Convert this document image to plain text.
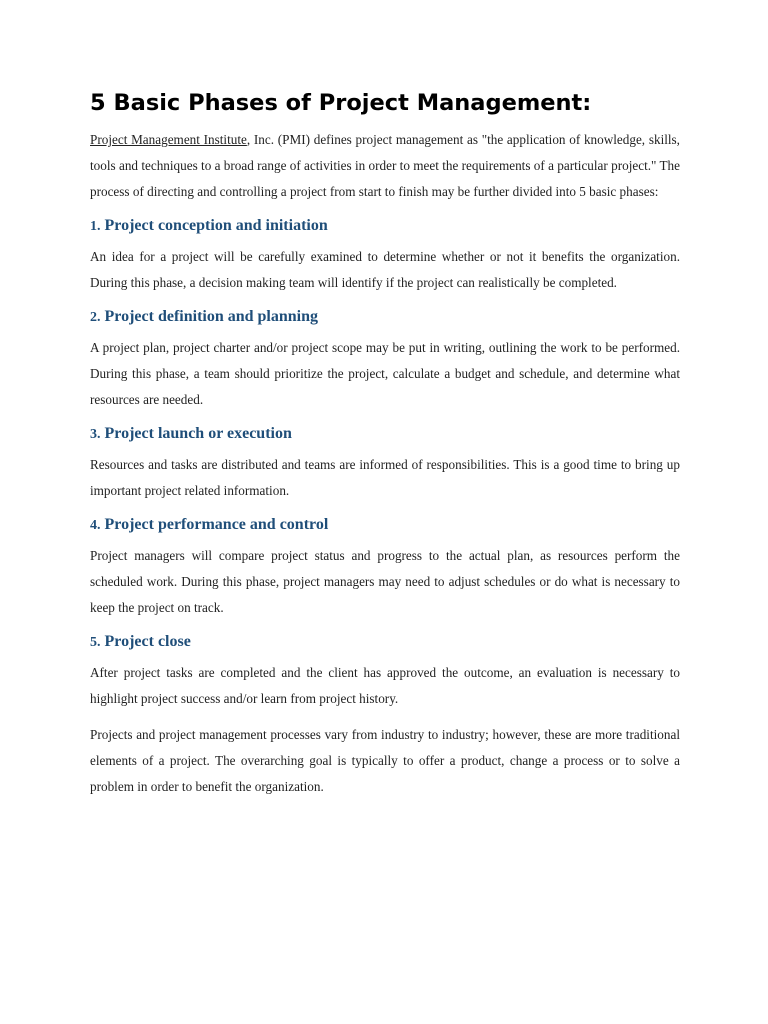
5 Basic Phases of Project Management:

Project Management Institute, Inc. (PMI) defines project management as "the application of knowledge, skills, tools and techniques to a broad range of activities in order to meet the requirements of a particular project." The process of directing and controlling a project from start to finish may be further divided into 5 basic phases:

1. Project conception and initiation

An idea for a project will be carefully examined to determine whether or not it benefits the organization. During this phase, a decision making team will identify if the project can realistically be completed.

2. Project definition and planning

A project plan, project charter and/or project scope may be put in writing, outlining the work to be performed. During this phase, a team should prioritize the project, calculate a budget and schedule, and determine what resources are needed.

3. Project launch or execution

Resources and tasks are distributed and teams are informed of responsibilities. This is a good time to bring up important project related information.

4. Project performance and control

Project managers will compare project status and progress to the actual plan, as resources perform the scheduled work. During this phase, project managers may need to adjust schedules or do what is necessary to keep the project on track.

5. Project close

After project tasks are completed and the client has approved the outcome, an evaluation is necessary to highlight project success and/or learn from project history.

Projects and project management processes vary from industry to industry; however, these are more traditional elements of a project. The overarching goal is typically to offer a product, change a process or to solve a problem in order to benefit the organization.
